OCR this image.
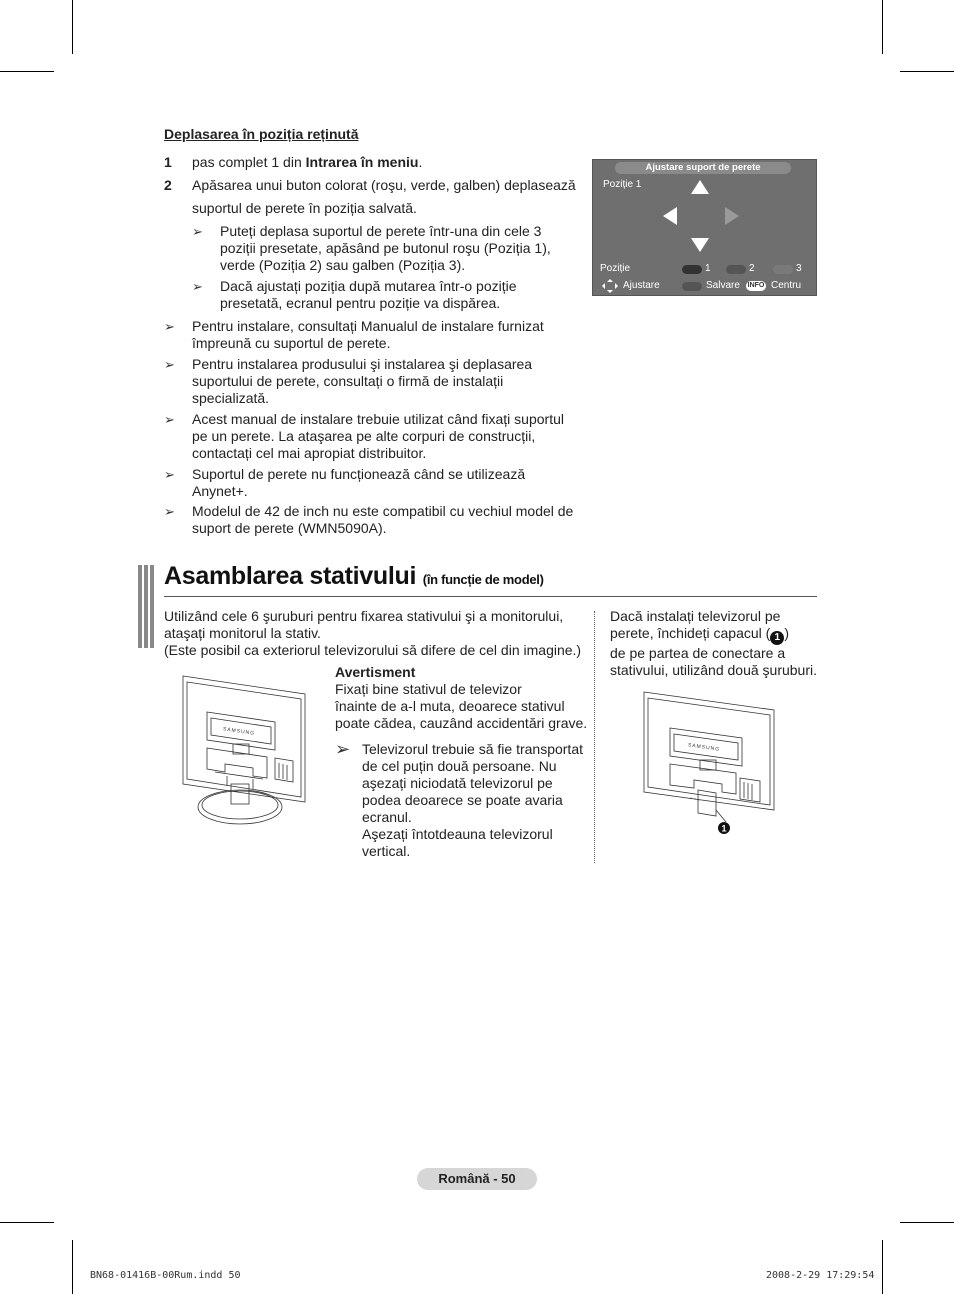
Deplasarea în poziția reținută
1 pas complet 1 din Intrarea în meniu.
2 Apăsarea unui buton colorat (roşu, verde, galben) deplasează
suportul de perete în poziția salvată.
➢ Puteți deplasa suportul de perete într-una din cele 3
poziții presetate, apăsând pe butonul roşu (Poziția 1),
verde (Poziția 2) sau galben (Poziția 3).
➢ Dacă ajustați poziția după mutarea într-o poziție
presetată, ecranul pentru poziție va dispărea.
➢ Pentru instalare, consultați Manualul de instalare furnizat
împreună cu suportul de perete.
➢ Pentru instalarea produsului şi instalarea şi deplasarea
suportului de perete, consultați o firmă de instalații
specializată.
➢ Acest manual de instalare trebuie utilizat când fixați suportul
pe un perete. La ataşarea pe alte corpuri de construcții,
contactați cel mai apropiat distribuitor.
➢ Suportul de perete nu funcționează când se utilizează
Anynet+.
➢ Modelul de 42 de inch nu este compatibil cu vechiul model de
suport de perete (WMN5090A).
Ajustare suport de perete
Poziție 1
Poziție	1	2	3
Ajustare	Salvare INFO Centru
Asamblarea stativului (în funcție de model)
Utilizând cele 6 şuruburi pentru fixarea stativului şi a monitorului,
ataşați monitorul la stativ.
(Este posibil ca exteriorul televizorului să difere de cel din imagine.)
Avertisment
Fixați bine stativul de televizor
înainte de a-l muta, deoarece stativul
poate cădea, cauzând accidentări grave.
➢ Televizorul trebuie să fie transportat
de cel puțin două persoane. Nu
aşezați niciodată televizorul pe
podea deoarece se poate avaria
ecranul.
Aşezați întotdeauna televizorul
vertical.
Dacă instalați televizorul pe
perete, închideți capacul ( 1 )
de pe partea de conectare a
stativului, utilizând două şuruburi.
SAMSUNG
SAMSUNG
1
Română - 50
BN68-01416B-00Rum.indd 50	2008-2-29 17:29:54
